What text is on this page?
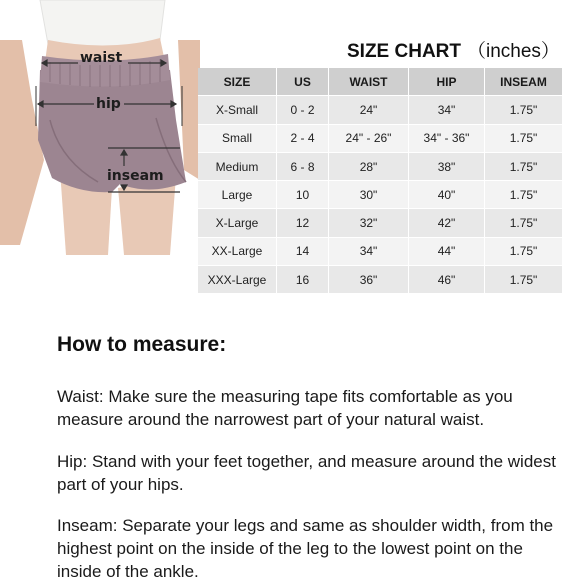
waist
hip
inseam
SIZE CHART （inches）
SIZE	US	WAIST	HIP	INSEAM
X-Small	0 - 2	24"	34"	1.75"
Small	2 - 4	24" - 26"	34" - 36"	1.75"
Medium	6 - 8	28"	38"	1.75"
Large	10	30"	40"	1.75"
X-Large	12	32"	42"	1.75"
XX-Large	14	34"	44"	1.75"
XXX-Large	16	36"	46"	1.75"
How to measure:

Waist: Make sure the measuring tape fits comfortable as you measure around the narrowest part of your natural waist.

Hip: Stand with your feet together, and measure around the widest part of your hips.

Inseam: Separate your legs and same as shoulder width, from the highest point on the inside of the leg to the lowest point on the inside of the ankle.
